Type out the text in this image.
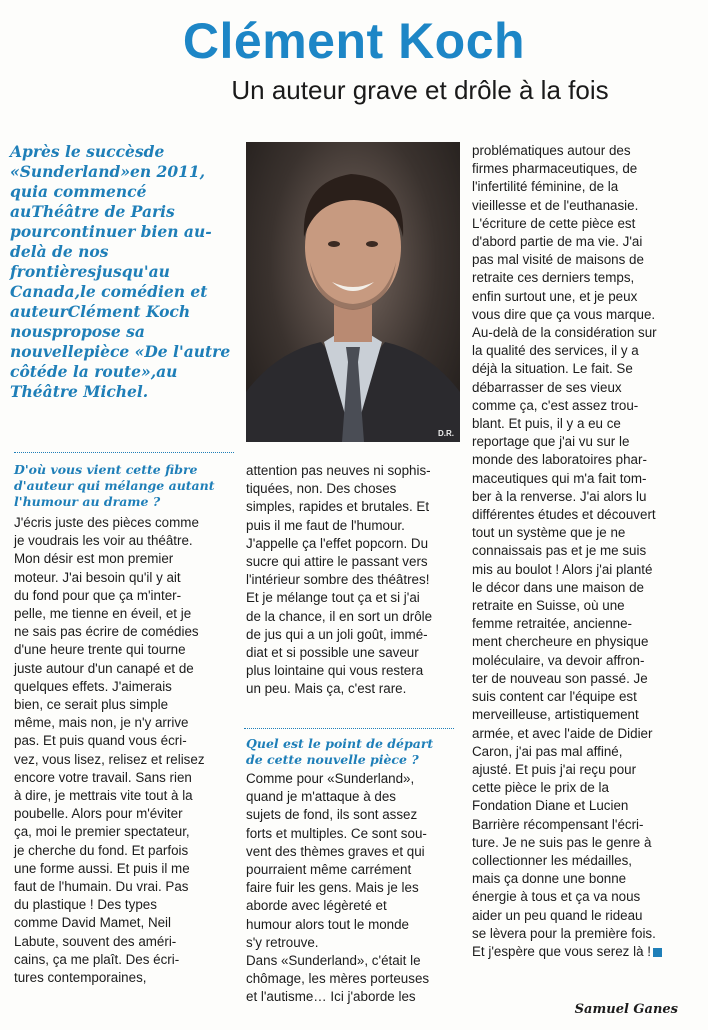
Clément Koch
Un auteur grave et drôle à la fois
Après le succèsde «Sunderland»en 2011, quia commencé auThéâtre de Paris pourcontinuer bien au-delà de nos frontièresjusqu'au Canada,le comédien et auteurClément Koch nouspropose sa nouvellepièce «De l'autre côtéde la route»,au Théâtre Michel.
D.R.
D'où vous vient cette fibre
d'auteur qui mélange autant
l'humour au drame ?
J'écris juste des pièces comme
je voudrais les voir au théâtre.
Mon désir est mon premier
moteur. J'ai besoin qu'il y ait
du fond pour que ça m'inter-
pelle, me tienne en éveil, et je
ne sais pas écrire de comédies
d'une heure trente qui tourne
juste autour d'un canapé et de
quelques effets. J'aimerais
bien, ce serait plus simple
même, mais non, je n'y arrive
pas. Et puis quand vous écri-
vez, vous lisez, relisez et relisez
encore votre travail. Sans rien
à dire, je mettrais vite tout à la
poubelle. Alors pour m'éviter
ça, moi le premier spectateur,
je cherche du fond. Et parfois
une forme aussi. Et puis il me
faut de l'humain. Du vrai. Pas
du plastique ! Des types
comme David Mamet, Neil
Labute, souvent des améri-
cains, ça me plaît. Des écri-
tures contemporaines,
attention pas neuves ni sophis-
tiquées, non. Des choses
simples, rapides et brutales. Et
puis il me faut de l'humour.
J'appelle ça l'effet popcorn. Du
sucre qui attire le passant vers
l'intérieur sombre des théâtres!
Et je mélange tout ça et si j'ai
de la chance, il en sort un drôle
de jus qui a un joli goût, immé-
diat et si possible une saveur
plus lointaine qui vous restera
un peu. Mais ça, c'est rare.
Quel est le point de départ
de cette nouvelle pièce ?
Comme pour «Sunderland»,
quand je m'attaque à des
sujets de fond, ils sont assez
forts et multiples. Ce sont sou-
vent des thèmes graves et qui
pourraient même carrément
faire fuir les gens. Mais je les
aborde avec légèreté et
humour alors tout le monde
s'y retrouve.
Dans «Sunderland», c'était le
chômage, les mères porteuses
et l'autisme… Ici j'aborde les
problématiques autour des
firmes pharmaceutiques, de
l'infertilité féminine, de la
vieillesse et de l'euthanasie.
L'écriture de cette pièce est
d'abord partie de ma vie. J'ai
pas mal visité de maisons de
retraite ces derniers temps,
enfin surtout une, et je peux
vous dire que ça vous marque.
Au-delà de la considération sur
la qualité des services, il y a
déjà la situation. Le fait. Se
débarrasser de ses vieux
comme ça, c'est assez trou-
blant. Et puis, il y a eu ce
reportage que j'ai vu sur le
monde des laboratoires phar-
maceutiques qui m'a fait tom-
ber à la renverse. J'ai alors lu
différentes études et découvert
tout un système que je ne
connaissais pas et je me suis
mis au boulot ! Alors j'ai planté
le décor dans une maison de
retraite en Suisse, où une
femme retraitée, ancienne-
ment chercheure en physique
moléculaire, va devoir affron-
ter de nouveau son passé. Je
suis content car l'équipe est
merveilleuse, artistiquement
armée, et avec l'aide de Didier
Caron, j'ai pas mal affiné,
ajusté. Et puis j'ai reçu pour
cette pièce le prix de la
Fondation Diane et Lucien
Barrière récompensant l'écri-
ture. Je ne suis pas le genre à
collectionner les médailles,
mais ça donne une bonne
énergie à tous et ça va nous
aider un peu quand le rideau
se lèvera pour la première fois.
Et j'espère que vous serez là !
Samuel Ganes
